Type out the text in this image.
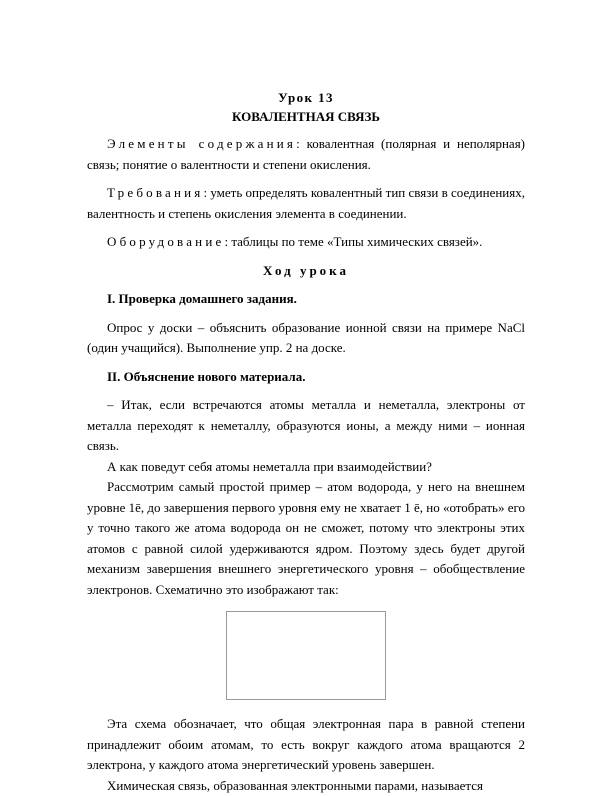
Урок 13
КОВАЛЕНТНАЯ СВЯЗЬ

Элементы содержания: ковалентная (полярная и неполярная) связь; понятие о валентности и степени окисления.

Требования: уметь определять ковалентный тип связи в соединениях, валентность и степень окисления элемента в соединении.

Оборудование: таблицы по теме «Типы химических связей».

Ход урока

I. Проверка домашнего задания.

Опрос у доски – объяснить образование ионной связи на примере NaCl (один учащийся). Выполнение упр. 2 на доске.

II. Объяснение нового материала.

– Итак, если встречаются атомы металла и неметалла, электроны от металла переходят к неметаллу, образуются ионы, а между ними – ионная связь.

А как поведут себя атомы неметалла при взаимодействии?

Рассмотрим самый простой пример – атом водорода, у него на внешнем уровне 1ē, до завершения первого уровня ему не хватает 1 ē, но «отобрать» его у точно такого же атома водорода он не сможет, потому что электроны этих атомов с равной силой удерживаются ядром. Поэтому здесь будет другой механизм завершения внешнего энергетического уровня – обобществление электронов. Схематично это изображают так:

Эта схема обозначает, что общая электронная пара в равной степени принадлежит обоим атомам, то есть вокруг каждого атома вращаются 2 электрона, у каждого атома энергетический уровень завершен.

Химическая связь, образованная электронными парами, называется
